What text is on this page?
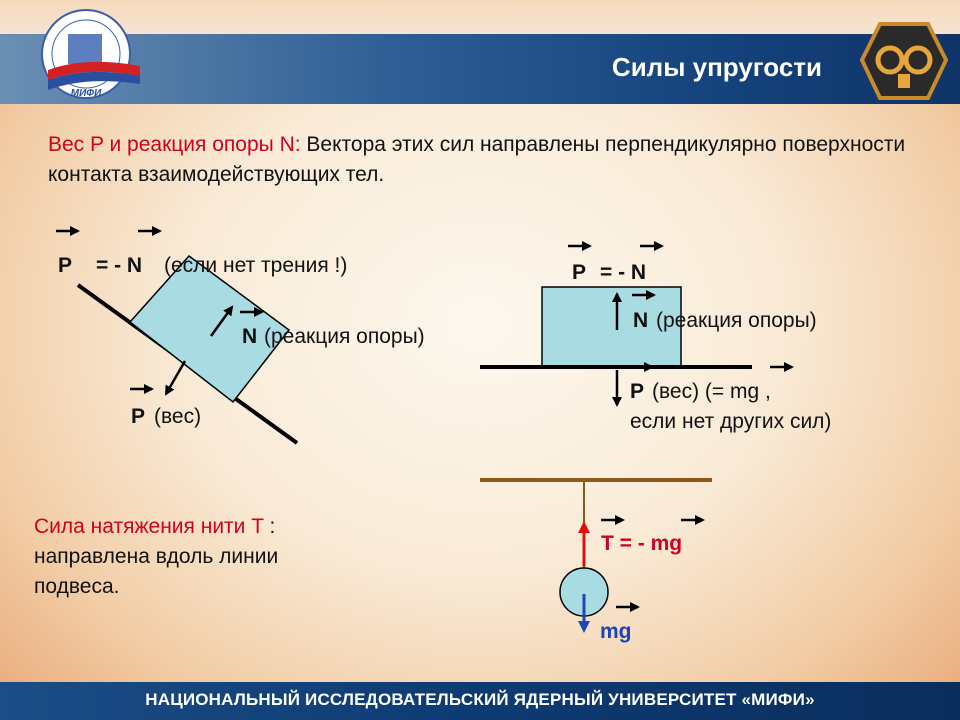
МИФИ
Силы упругости
Вес P и реакция опоры N: Вектора этих сил направлены перпендикулярно поверхности контакта взаимодействующих тел.
P = - N (если нет трения !)
N (реакция опоры)
P (вес)
P = - N
N (реакция опоры)
P (вес) (= mg ,
если нет других сил)
Сила натяжения нити T : направлена вдоль линии подвеса.
T = - mg
mg
НАЦИОНАЛЬНЫЙ ИССЛЕДОВАТЕЛЬСКИЙ ЯДЕРНЫЙ УНИВЕРСИТЕТ «МИФИ»
